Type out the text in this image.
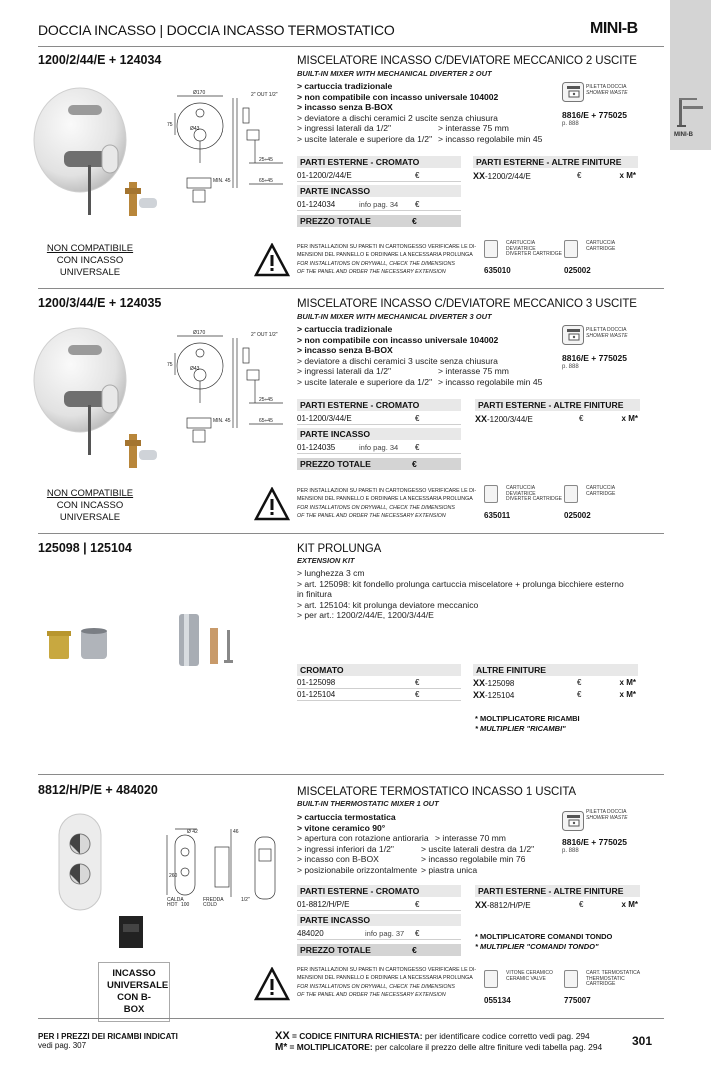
MINI-B
DOCCIA INCASSO | DOCCIA INCASSO TERMOSTATICO	MINI-B
1200/2/44/E + 124034	MISCELATORE INCASSO C/DEVIATORE MECCANICO 2 USCITE
BUILT-IN MIXER WITH MECHANICAL DIVERTER 2 OUT
> cartuccia tradizionale
> non compatibile con incasso universale 104002
> incasso senza B-BOX
> deviatore a dischi ceramici 2 uscite senza chiusura
> ingressi laterali da 1/2"	> interasse 75 mm
> uscite laterale e superiore da 1/2" > incasso regolabile min 45
PILETTA DOCCIA
SHOWER WASTE
8816/E + 775025
p. 888
PARTI ESTERNE - CROMATO
01-1200/2/44/E	€
PARTE INCASSO
01-124034	info pag. 34 €
PREZZO TOTALE	€
PARTI ESTERNE - ALTRE FINITURE
XX-1200/2/44/E	€	x M*
Ø170
Ø43
2" OUT 1/2"
75
25÷45
65÷45
MIN. 45
NON COMPATIBILE
CON INCASSO
UNIVERSALE
PER INSTALLAZIONI SU PARETI IN CARTONGESSO VERIFICARE LE DI-
MENSIONI DEL PANNELLO E ORDINARE LA NECESSARIA PROLUNGA
FOR INSTALLATIONS ON DRYWALL, CHECK THE DIMENSIONS
OF THE PANEL AND ORDER THE NECESSARY EXTENSION
CARTUCCIA
DEVIATRICE
DIVERTER CARTRIDGE
635010
CARTUCCIA
CARTRIDGE
025002
1200/3/44/E + 124035	MISCELATORE INCASSO C/DEVIATORE MECCANICO 3 USCITE
BUILT-IN MIXER WITH MECHANICAL DIVERTER 3 OUT
> cartuccia tradizionale
> non compatibile con incasso universale 104002
> incasso senza B-BOX
> deviatore a dischi ceramici 3 uscite senza chiusura
> ingressi laterali da 1/2"	> interasse 75 mm
> uscite laterale e superiore da 1/2" > incasso regolabile min 45
PILETTA DOCCIA
SHOWER WASTE
8816/E + 775025
p. 888
PARTI ESTERNE - CROMATO
01-1200/3/44/E	€
PARTE INCASSO
01-124035	info pag. 34 €
PREZZO TOTALE	€
PARTI ESTERNE - ALTRE FINITURE
XX-1200/3/44/E	€	x M*
Ø170
Ø43
2" OUT 1/2"
75
25÷45
65÷45
MIN. 45
NON COMPATIBILE
CON INCASSO
UNIVERSALE
PER INSTALLAZIONI SU PARETI IN CARTONGESSO VERIFICARE LE DI-
MENSIONI DEL PANNELLO E ORDINARE LA NECESSARIA PROLUNGA
FOR INSTALLATIONS ON DRYWALL, CHECK THE DIMENSIONS
OF THE PANEL AND ORDER THE NECESSARY EXTENSION
CARTUCCIA
DEVIATRICE
DIVERTER CARTRIDGE
635011
CARTUCCIA
CARTRIDGE
025002
125098 | 125104	KIT PROLUNGA
EXTENSION KIT
> lunghezza 3 cm
> art. 125098: kit fondello prolunga cartuccia miscelatore + prolunga bicchiere esterno
in finitura
> art. 125104: kit prolunga deviatore meccanico
> per art.: 1200/2/44/E, 1200/3/44/E
CROMATO
01-125098	€
01-125104	€
ALTRE FINITURE
XX-125098	€	x M*
XX-125104	€	x M*
* MOLTIPLICATORE RICAMBI
* MULTIPLIER "RICAMBI"
8812/H/P/E + 484020	MISCELATORE TERMOSTATICO INCASSO 1 USCITA
BUILT-IN THERMOSTATIC MIXER 1 OUT
> cartuccia termostatica
> vitone ceramico 90°
> apertura con rotazione antioraria > interasse 70 mm
> ingressi inferiori da 1/2"	> uscite laterali destra da 1/2"
> incasso con B-BOX	> incasso regolabile min 76
> posizionabile orizzontalmente > piastra unica
PILETTA DOCCIA
SHOWER WASTE
8816/E + 775025
p. 888
PARTI ESTERNE - CROMATO
01-8812/H/P/E	€
PARTE INCASSO
484020	info pag. 37 €
PREZZO TOTALE	€
PARTI ESTERNE - ALTRE FINITURE
XX-8812/H/P/E	€	x M*
* MOLTIPLICATORE COMANDI TONDO
* MULTIPLIER "COMANDI TONDO"
Ø 42	46
260
CALDA
HOT 100
FREDDA
COLD
1/2"
INCASSO
UNIVERSALE
CON B-BOX
PER INSTALLAZIONI SU PARETI IN CARTONGESSO VERIFICARE LE DI-
MENSIONI DEL PANNELLO E ORDINARE LA NECESSARIA PROLUNGA
FOR INSTALLATIONS ON DRYWALL, CHECK THE DIMENSIONS
OF THE PANEL AND ORDER THE NECESSARY EXTENSION
VITONE CERAMICO
CERAMIC VALVE
055134
CART. TERMOSTATICA
THERMOSTATIC
CARTRIDGE
775007
PER I PREZZI DEI RICAMBI INDICATI
vedi pag. 307
XX = CODICE FINITURA RICHIESTA: per identificare codice corretto vedi pag. 294
M* = MOLTIPLICATORE: per calcolare il prezzo delle altre finiture vedi tabella pag. 294 301
